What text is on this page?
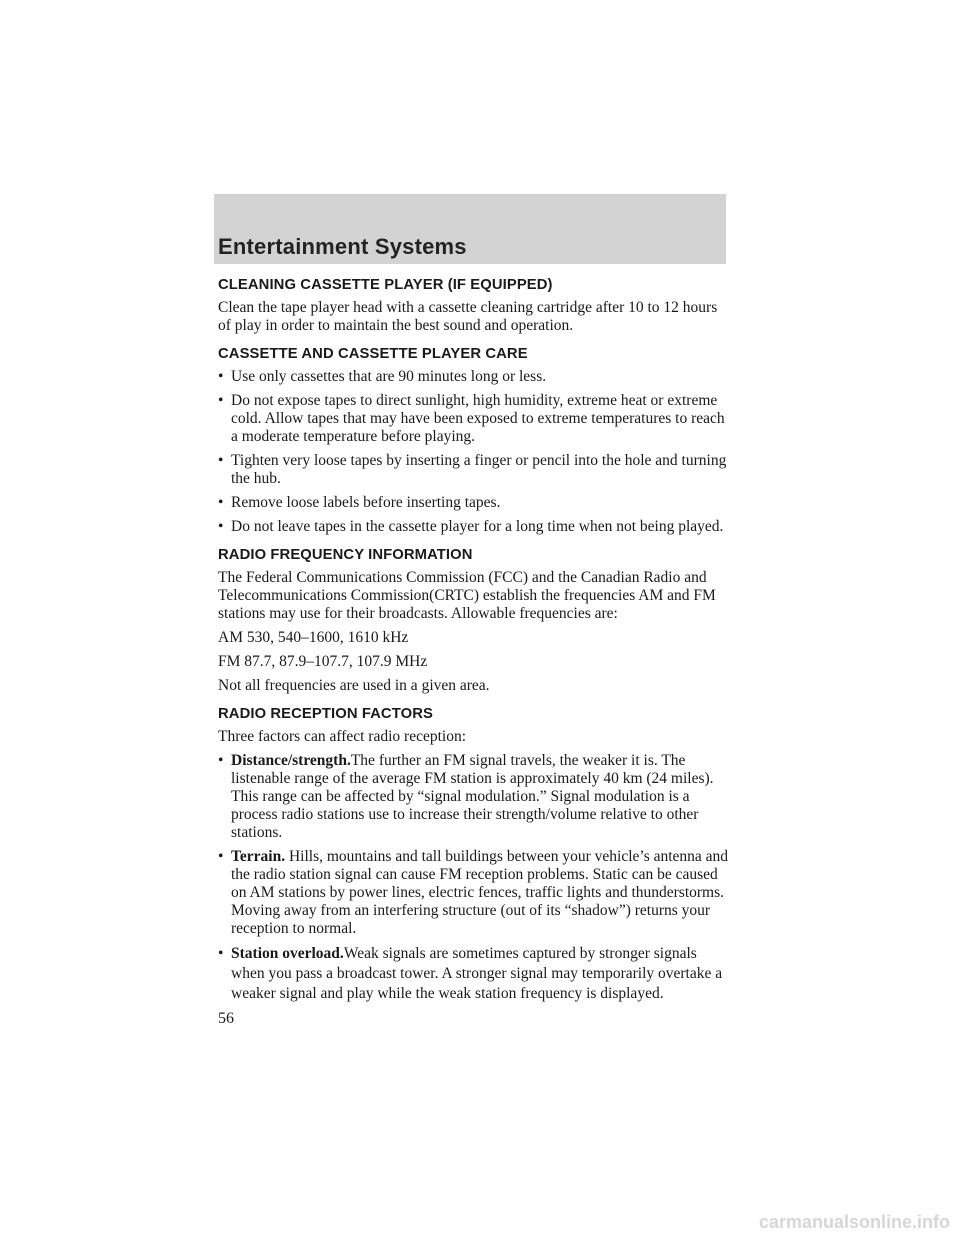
Entertainment Systems
CLEANING CASSETTE PLAYER (IF EQUIPPED)

Clean the tape player head with a cassette cleaning cartridge after 10 to 12 hours of play in order to maintain the best sound and operation.

CASSETTE AND CASSETTE PLAYER CARE
• Use only cassettes that are 90 minutes long or less.
• Do not expose tapes to direct sunlight, high humidity, extreme heat or extreme cold. Allow tapes that may have been exposed to extreme temperatures to reach a moderate temperature before playing.
• Tighten very loose tapes by inserting a finger or pencil into the hole and turning the hub.
• Remove loose labels before inserting tapes.
• Do not leave tapes in the cassette player for a long time when not being played.
RADIO FREQUENCY INFORMATION

The Federal Communications Commission (FCC) and the Canadian Radio and Telecommunications Commission(CRTC) establish the frequencies AM and FM stations may use for their broadcasts. Allowable frequencies are:

AM 530, 540–1600, 1610 kHz

FM 87.7, 87.9–107.7, 107.9 MHz

Not all frequencies are used in a given area.

RADIO RECEPTION FACTORS

Three factors can affect radio reception:

• Distance/strength.The further an FM signal travels, the weaker it is. The listenable range of the average FM station is approximately 40 km (24 miles). This range can be affected by “signal modulation.” Signal modulation is a process radio stations use to increase their strength/volume relative to other stations.
• Terrain. Hills, mountains and tall buildings between your vehicle’s antenna and the radio station signal can cause FM reception problems. Static can be caused on AM stations by power lines, electric fences, traffic lights and thunderstorms. Moving away from an interfering structure (out of its “shadow”) returns your reception to normal.
• Station overload.Weak signals are sometimes captured by stronger signals when you pass a broadcast tower. A stronger signal may temporarily overtake a weaker signal and play while the weak station frequency is displayed.
56
carmanualsonline.info
